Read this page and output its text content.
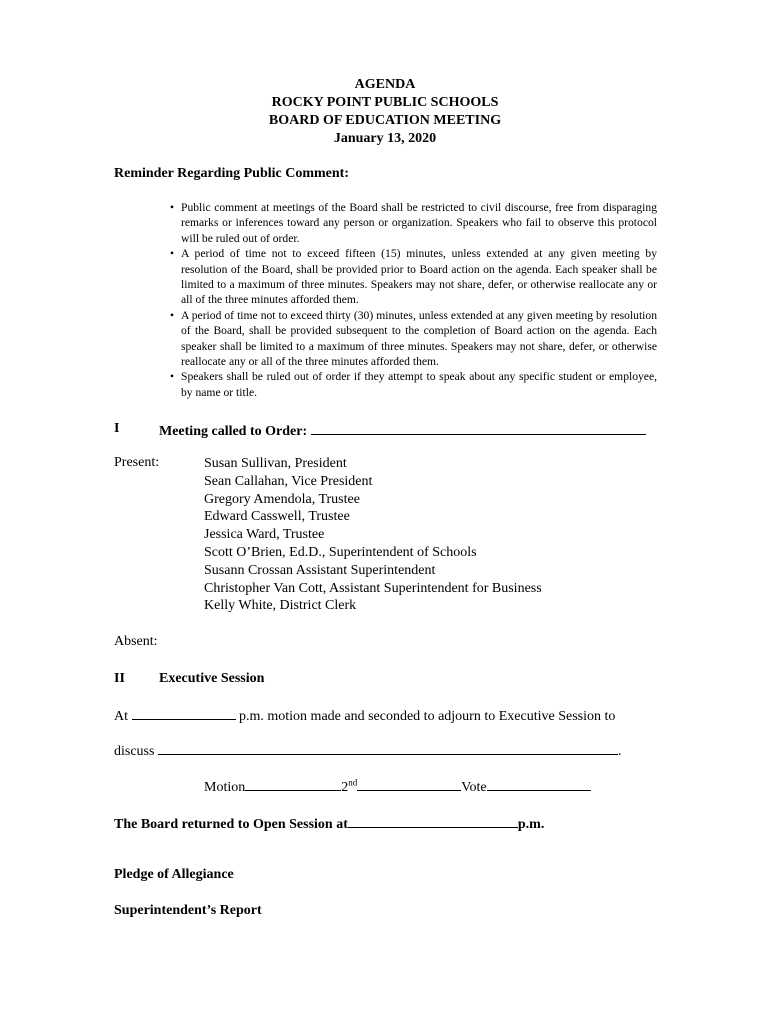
AGENDA
ROCKY POINT PUBLIC SCHOOLS
BOARD OF EDUCATION MEETING
January 13, 2020
Reminder Regarding Public Comment:
• Public comment at meetings of the Board shall be restricted to civil discourse, free from disparaging remarks or inferences toward any person or organization. Speakers who fail to observe this protocol will be ruled out of order.
• A period of time not to exceed fifteen (15) minutes, unless extended at any given meeting by resolution of the Board, shall be provided prior to Board action on the agenda. Each speaker shall be limited to a maximum of three minutes. Speakers may not share, defer, or otherwise reallocate any or all of the three minutes afforded them.
• A period of time not to exceed thirty (30) minutes, unless extended at any given meeting by resolution of the Board, shall be provided subsequent to the completion of Board action on the agenda. Each speaker shall be limited to a maximum of three minutes. Speakers may not share, defer, or otherwise reallocate any or all of the three minutes afforded them.
• Speakers shall be ruled out of order if they attempt to speak about any specific student or employee, by name or title.
I	Meeting called to Order:
Present:	Susan Sullivan, President
Sean Callahan, Vice President
Gregory Amendola, Trustee
Edward Casswell, Trustee
Jessica Ward, Trustee
Scott O’Brien, Ed.D., Superintendent of Schools
Susann Crossan Assistant Superintendent
Christopher Van Cott, Assistant Superintendent for Business
Kelly White, District Clerk
Absent:
II Executive Session
At	p.m. motion made and seconded to adjourn to Executive Session to
discuss	.
Motion	2nd	Vote
The Board returned to Open Session at	p.m.
Pledge of Allegiance
Superintendent’s Report
